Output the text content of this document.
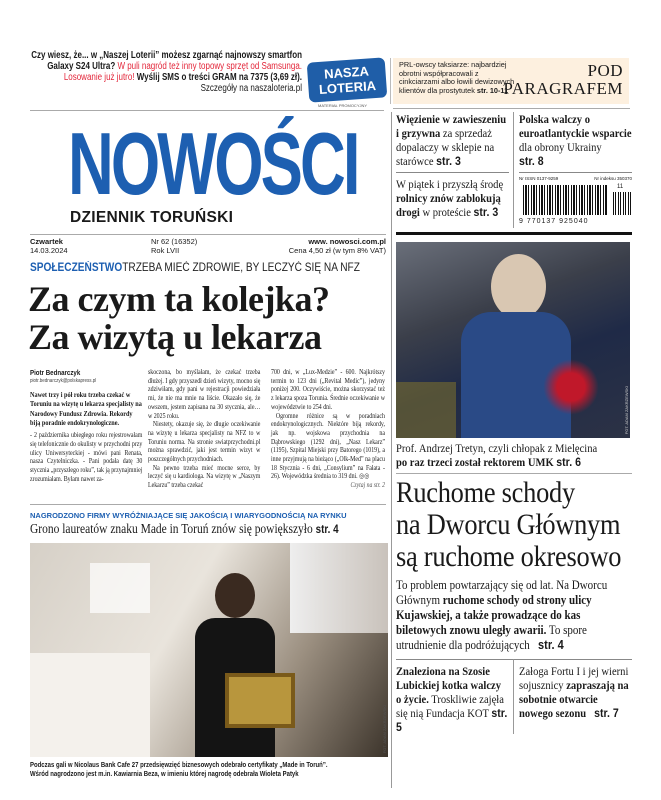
Czy wiesz, że... w „Naszej Loterii” możesz zgarnąć najnowszy smartfon Galaxy S24 Ultra? W puli nagród też inny topowy sprzęt od Samsunga. Losowanie już jutro! Wyślij SMS o treści GRAM na 7375 (3,69 zł). Szczegóły na naszaloteria.pl
NASZA LOTERIA
MATERIAŁ PROMOCYJNY
PRL-owscy taksiarze: najbardziej obrotni współpracowali z cinkciarzami albo łowili dewizowych klientów dla prostytutek str. 10-11
POD
PARAGRAFEM
NOWOŚCI
DZIENNIK TORUŃSKI
Czwartek
14.03.2024
Nr 62 (16352)
Rok LVII
www. nowosci.com.pl
Cena 4,50 zł (w tym 8% VAT)
SPOŁECZEŃSTWOTRZEBA MIEĆ ZDROWIE, BY LECZYĆ SIĘ NA NFZ
Za czym ta kolejka?
Za wizytą u lekarza
Piotr Bednarczyk
piotr.bednarczyk@polskapress.pl
Nawet trzy i pół roku trzeba czekać w Toruniu na wizytę u lekarza specjalisty na Narodowy Fundusz Zdrowia. Rekordy biją poradnie endokrynologiczne.
- 2 października ubiegłego roku rejestrowałam się telefonicznie do okulisty w przychodni przy ulicy Uniwersyteckiej - mówi pani Renata, nasza Czytelniczka. - Pani podała datę 30 stycznia „przyszłego roku”, tak ją przynajmniej zrozumiałam. Byłam nawet za-
skoczona, bo myślałam, że czekać trzeba dłużej. I gdy przyszedł dzień wizyty, mocno się zdziwiłam, gdy pani w rejestracji powiedziała mi, że nie ma mnie na liście. Okazało się, że owszem, jestem zapisana na 30 stycznia, ale… w 2025 roku.
Niestety, okazuje się, że długie oczekiwanie na wizytę u lekarza specjalisty na NFZ to w Toruniu norma. Na stronie swiatprzychodni.pl można sprawdzić, jaki jest termin wizyt w poszczególnych przychodniach.
Na pewno trzeba mieć mocne serce, by leczyć się u kardiologa. Na wizytę w „Naszym Lekarzu” trzeba czekać
700 dni, w „Lux-Medzie” - 600. Najkrótszy termin to 123 dni („Revital Medic”), jedyny poniżej 200. Oczywiście, można skorzystać też z lekarza spoza Torunia. Średnie oczekiwanie w województwie to 254 dni.
Ogromne różnice są w poradniach endokrynologicznych. Niektóre biją rekordy, jak np. wojskowa przychodnia na Dąbrowskiego (1292 dni), „Nasz Lekarz” (1195), Szpital Miejski przy Batorego (1019), a inne przyjmują na bieżąco („Olk-Med” na placu 18 Stycznia - 6 dni, „Consylium” na Fałata - 26). Wojewódzka średnia to 319 dni. ◎◎
Czytaj na str. 2
NAGRODZONO FIRMY WYRÓŻNIAJĄCE SIĘ JAKOŚCIĄ I WIARYGODNOŚCIĄ NA RYNKU
Grono laureatów znaku Made in Toruń znów się powiększyło str. 4
FOT. ADAM ZAKRZEWSKI
Podczas gali w Nicolaus Bank Cafe 27 przedsięwzięć biznesowych odebrało certyfikaty „Made in Toruń”.
Wśród nagrodzono jest m.in. Kawiarnia Beza, w imieniu której nagrodę odebrała Wioleta Patyk
Więzienie w zawieszeniu i grzywna za sprzedaż dopalaczy w sklepie na starówce str. 3
W piątek i przyszłą środę rolnicy znów zablokują drogi w proteście str. 3
Polska walczy o euroatlantyckie wsparcie dla obrony Ukrainy
str. 8
Nr ISSN 0137-9259	Nr indeksu 350370
11
9 770137 925040
FOT. ADAM ZAKRZEWSKI
Prof. Andrzej Tretyn, czyli chłopak z Mielęcina
po raz trzeci został rektorem UMK str. 6
Ruchome schody
na Dworcu Głównym
są ruchome okresowo
To problem powtarzający się od lat. Na Dworcu Głównym ruchome schody od strony ulicy Kujawskiej, a także prowadzące do kas biletowych znowu uległy awarii. To spore utrudnienie dla podróżujących str. 4
Znaleziona na Szosie Lubickiej kotka walczy o życie. Troskliwie zajęła się nią Fundacja KOT str. 5
Załoga Fortu I i jej wierni sojusznicy zapraszają na sobotnie otwarcie nowego sezonu str. 7
